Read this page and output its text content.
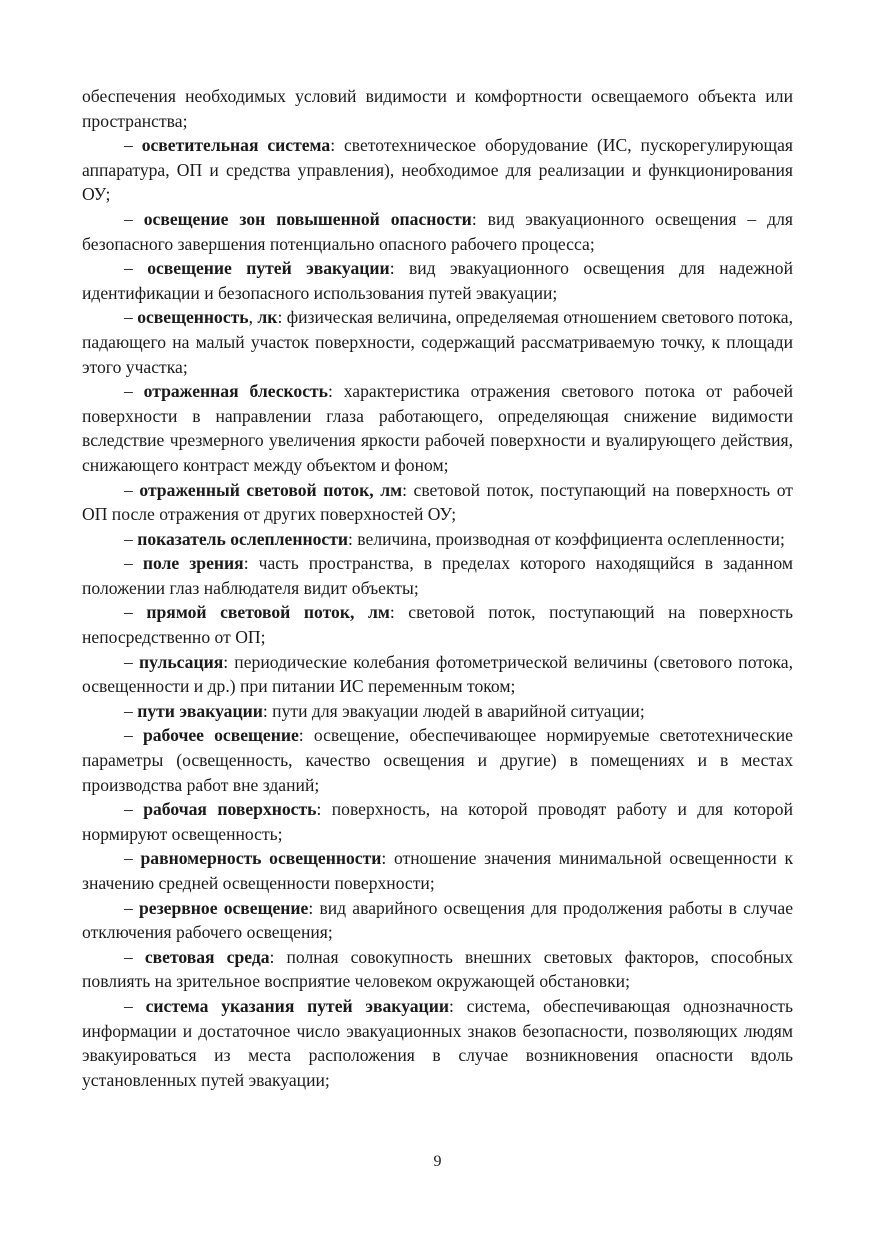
обеспечения необходимых условий видимости и комфортности освещаемого объекта или пространства;

– осветительная система: светотехническое оборудование (ИС, пускорегулирующая аппаратура, ОП и средства управления), необходимое для реализации и функционирования ОУ;

– освещение зон повышенной опасности: вид эвакуационного освещения – для безопасного завершения потенциально опасного рабочего процесса;

– освещение путей эвакуации: вид эвакуационного освещения для надежной идентификации и безопасного использования путей эвакуации;

– освещенность, лк: физическая величина, определяемая отношением светового потока, падающего на малый участок поверхности, содержащий рассматриваемую точку, к площади этого участка;

– отраженная блескость: характеристика отражения светового потока от рабочей поверхности в направлении глаза работающего, определяющая снижение видимости вследствие чрезмерного увеличения яркости рабочей поверхности и вуалирующего действия, снижающего контраст между объектом и фоном;

– отраженный световой поток, лм: световой поток, поступающий на поверхность от ОП после отражения от других поверхностей ОУ;

– показатель ослепленности: величина, производная от коэффициента ослепленности;

– поле зрения: часть пространства, в пределах которого находящийся в заданном положении глаз наблюдателя видит объекты;

– прямой световой поток, лм: световой поток, поступающий на поверхность непосредственно от ОП;

– пульсация: периодические колебания фотометрической величины (светового потока, освещенности и др.) при питании ИС переменным током;

– пути эвакуации: пути для эвакуации людей в аварийной ситуации;

– рабочее освещение: освещение, обеспечивающее нормируемые светотехнические параметры (освещенность, качество освещения и другие) в помещениях и в местах производства работ вне зданий;

– рабочая поверхность: поверхность, на которой проводят работу и для которой нормируют освещенность;

– равномерность освещенности: отношение значения минимальной освещенности к значению средней освещенности поверхности;

– резервное освещение: вид аварийного освещения для продолжения работы в случае отключения рабочего освещения;

– световая среда: полная совокупность внешних световых факторов, способных повлиять на зрительное восприятие человеком окружающей обстановки;

– система указания путей эвакуации: система, обеспечивающая однозначность информации и достаточное число эвакуационных знаков безопасности, позволяющих людям эвакуироваться из места расположения в случае возникновения опасности вдоль установленных путей эвакуации;

9
